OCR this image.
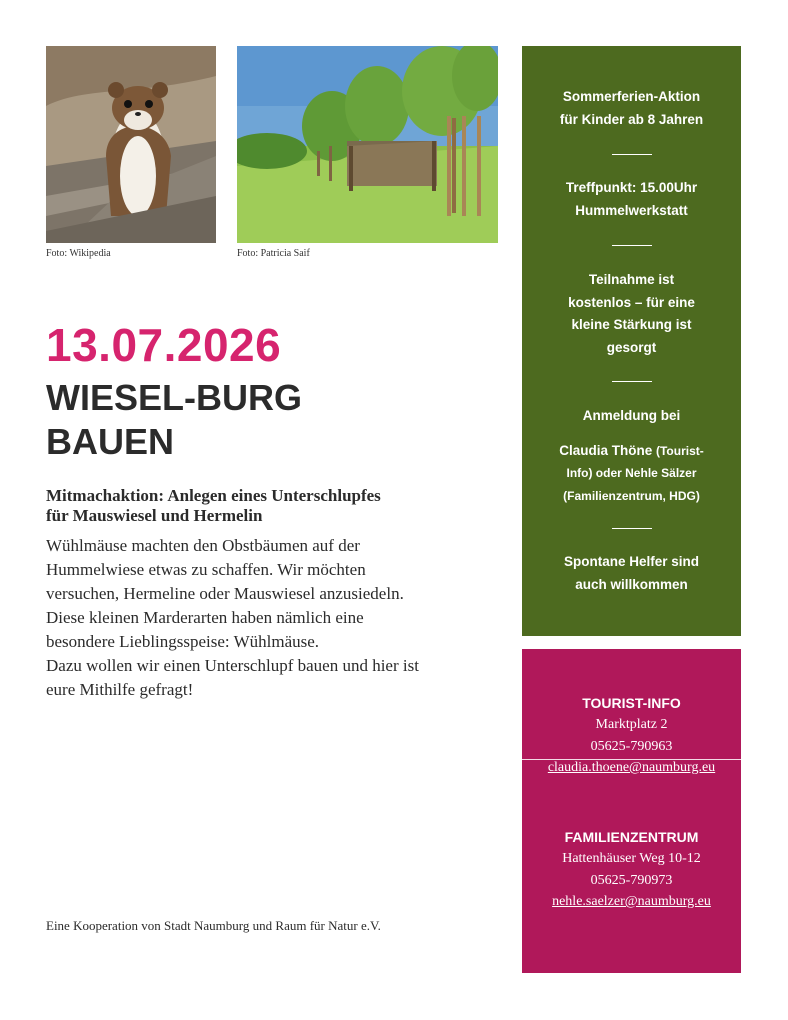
Foto: Wikipedia	Foto: Patricia Saif
13.07.2026
WIESEL-BURG
BAUEN
Mitmachaktion: Anlegen eines Unterschlupfes
für Mauswiesel und Hermelin

Wühlmäuse machten den Obstbäumen auf der

Hummelwiese etwas zu schaffen. Wir möchten

versuchen, Hermeline oder Mauswiesel anzusiedeln.

Diese kleinen Marderarten haben nämlich eine

besondere Lieblingsspeise: Wühlmäuse.

Dazu wollen wir einen Unterschlupf bauen und hier ist

eure Mithilfe gefragt!

Eine Kooperation von Stadt Naumburg und Raum für Natur e.V.
Sommerferien-Aktion
für Kinder ab 8 Jahren
Treffpunkt: 15.00Uhr
Hummelwerkstatt
Teilnahme ist
kostenlos – für eine
kleine Stärkung ist
gesorgt
Anmeldung bei
Claudia Thöne (Tourist-
Info) oder Nehle Sälzer
(Familienzentrum, HDG)
Spontane Helfer sind
auch willkommen
TOURIST-INFO
Marktplatz 2
05625-790963
claudia.thoene@naumburg.eu
FAMILIENZENTRUM
Hattenhäuser Weg 10-12
05625-790973
nehle.saelzer@naumburg.eu
